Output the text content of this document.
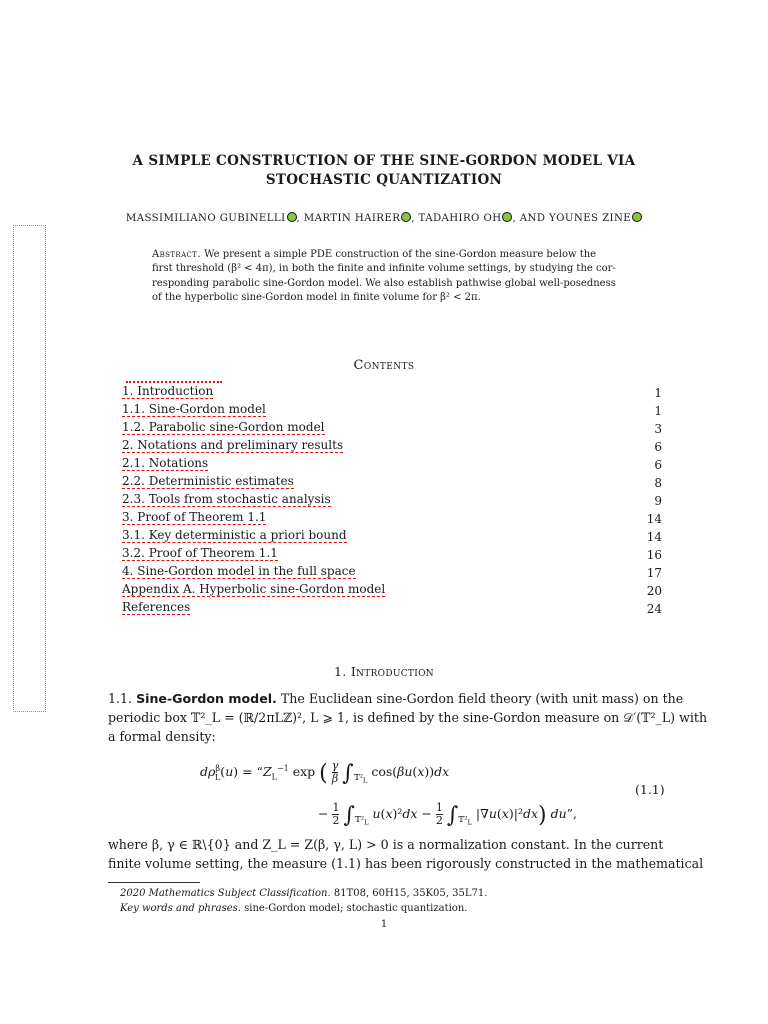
A SIMPLE CONSTRUCTION OF THE SINE-GORDON MODEL VIA
STOCHASTIC QUANTIZATION
MASSIMILIANO GUBINELLI , MARTIN HAIRER , TADAHIRO OH , AND YOUNES ZINE
Abstract. We present a simple PDE construction of the sine-Gordon measure below the
first threshold (β² < 4π), in both the finite and infinite volume settings, by studying the cor-
responding parabolic sine-Gordon model. We also establish pathwise global well-posedness
of the hyperbolic sine-Gordon model in finite volume for β² < 2π.
Contents
1. Introduction	1
1.1. Sine-Gordon model	1
1.2. Parabolic sine-Gordon model	3
2. Notations and preliminary results	6
2.1. Notations	6
2.2. Deterministic estimates	8
2.3. Tools from stochastic analysis	9
3. Proof of Theorem 1.1	14
3.1. Key deterministic a priori bound	14
3.2. Proof of Theorem 1.1	16
4. Sine-Gordon model in the full space	17
Appendix A. Hyperbolic sine-Gordon model	20
References	24
1. Introduction
1.1. Sine-Gordon model. The Euclidean sine-Gordon field theory (with unit mass) on the
periodic box 𝕋²_L = (ℝ/2πLℤ)², L ⩾ 1, is defined by the sine-Gordon measure on 𝒟′(𝕋²_L) with
a formal density:
$d\rho^\beta_L(u)$ = “$Z_L^{-1}$ exp ( $\frac{\gamma}{\beta} \int_{𝕋^2_L}$ cos(βu(x))dx
− 1

2 $\int_{𝕋^2_L}$ u(x)²dx − 1

2 $\int_{𝕋^2_L}$ |∇u(x)|²dx) du”,
(1.1)
where β, γ ∈ ℝ\{0} and Z_L = Z(β, γ, L) > 0 is a normalization constant. In the current
finite volume setting, the measure (1.1) has been rigorously constructed in the mathematical
2020 Mathematics Subject Classification. 81T08, 60H15, 35K05, 35L71.
Key words and phrases. sine-Gordon model; stochastic quantization.
1
